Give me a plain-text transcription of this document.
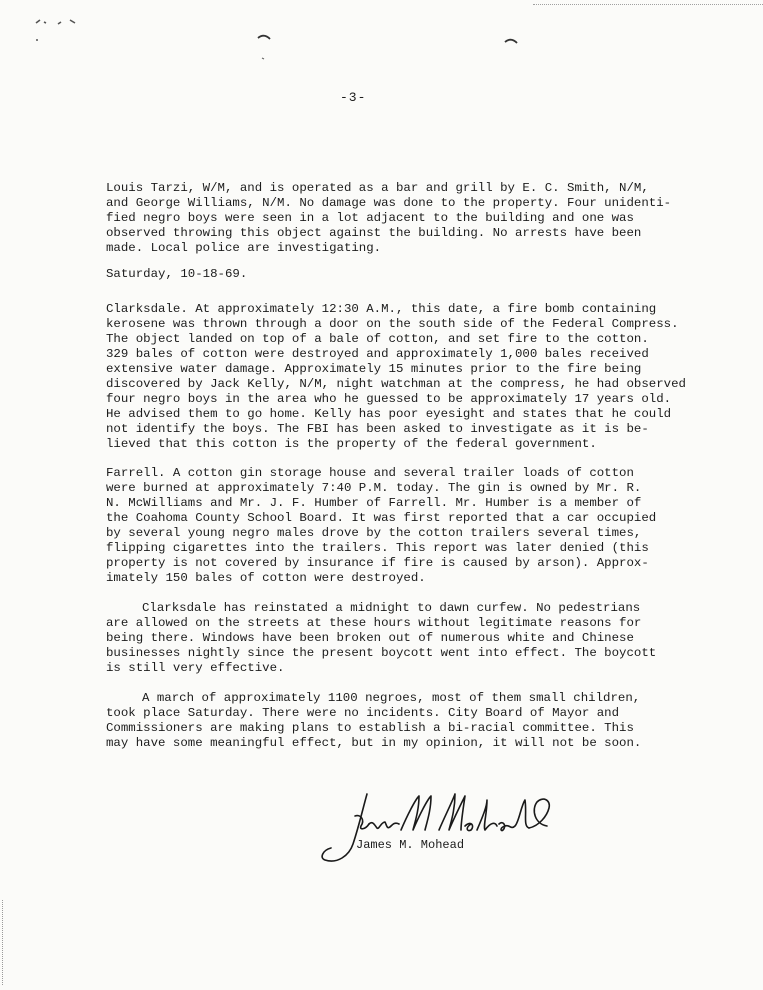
-3-

Louis Tarzi, W/M, and is operated as a bar and grill by E. C. Smith, N/M,
and George Williams, N/M. No damage was done to the property. Four unidenti-
fied negro boys were seen in a lot adjacent to the building and one was
observed throwing this object against the building. No arrests have been
made. Local police are investigating.

Saturday, 10-18-69.

Clarksdale. At approximately 12:30 A.M., this date, a fire bomb containing
kerosene was thrown through a door on the south side of the Federal Compress.
The object landed on top of a bale of cotton, and set fire to the cotton.
329 bales of cotton were destroyed and approximately 1,000 bales received
extensive water damage. Approximately 15 minutes prior to the fire being
discovered by Jack Kelly, N/M, night watchman at the compress, he had observed
four negro boys in the area who he guessed to be approximately 17 years old.
He advised them to go home. Kelly has poor eyesight and states that he could
not identify the boys. The FBI has been asked to investigate as it is be-
lieved that this cotton is the property of the federal government.

Farrell. A cotton gin storage house and several trailer loads of cotton
were burned at approximately 7:40 P.M. today. The gin is owned by Mr. R.
N. McWilliams and Mr. J. F. Humber of Farrell. Mr. Humber is a member of
the Coahoma County School Board. It was first reported that a car occupied
by several young negro males drove by the cotton trailers several times,
flipping cigarettes into the trailers. This report was later denied (this
property is not covered by insurance if fire is caused by arson). Approx-
imately 150 bales of cotton were destroyed.

Clarksdale has reinstated a midnight to dawn curfew. No pedestrians
are allowed on the streets at these hours without legitimate reasons for
being there. Windows have been broken out of numerous white and Chinese
businesses nightly since the present boycott went into effect. The boycott
is still very effective.

A march of approximately 1100 negroes, most of them small children,
took place Saturday. There were no incidents. City Board of Mayor and
Commissioners are making plans to establish a bi-racial committee. This
may have some meaningful effect, but in my opinion, it will not be soon.

James M. Mohead
